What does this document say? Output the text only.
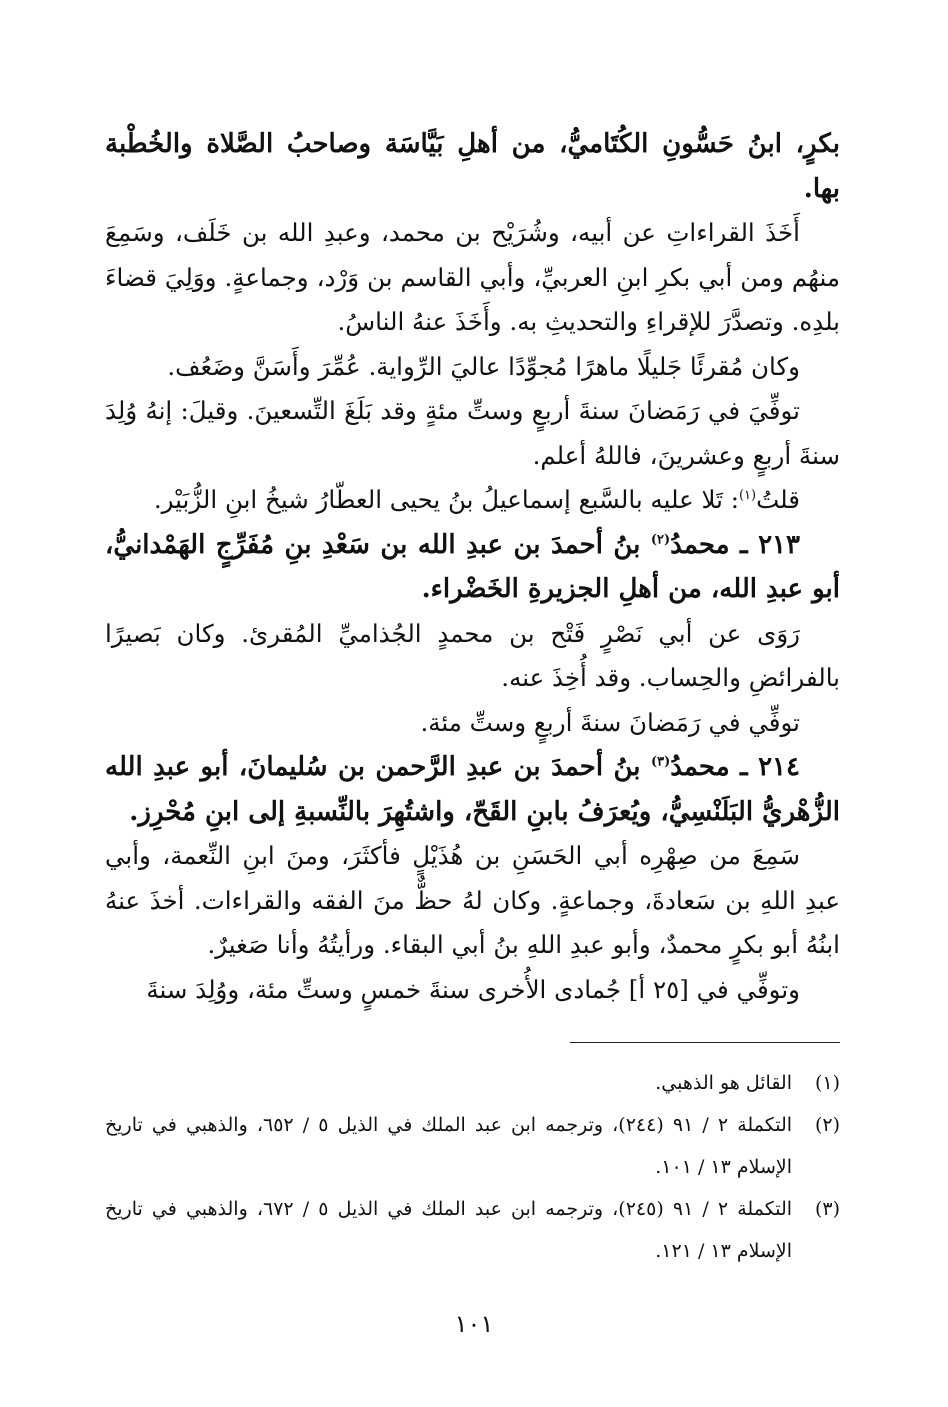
بكرٍ، ابنُ حَسُّونِ الكُتَاميُّ، من أهلِ بَيَّاسَة وصاحبُ الصَّلاة والخُطْبة بها.

أَخَذَ القراءاتِ عن أبيه، وشُرَيْح بن محمد، وعبدِ الله بن خَلَف، وسَمِعَ منهُم ومن أبي بكرِ ابنِ العربيِّ، وأبي القاسم بن وَرْد، وجماعةٍ. ووَلِيَ قضاءَ بلدِه. وتصدَّرَ للإقراءِ والتحديثِ به. وأَخَذَ عنهُ الناسُ.

وكان مُقرئًا جَليلًا ماهرًا مُجوِّدًا عاليَ الرِّواية. عُمِّرَ وأَسَنَّ وضَعُف.

توفِّيَ في رَمَضانَ سنةَ أربعٍ وستِّ مئةٍ وقد بَلَغَ التِّسعينَ. وقيلَ: إنهُ وُلِدَ سنةَ أربعٍ وعشرينَ، فاللهُ أعلم.

قلتُ$^{(١)}$: تَلا عليه بالسَّبع إسماعيلُ بنُ يحيى العطّارُ شيخُ ابنِ الزُّبَيْر.

٢١٣ ـ محمدُ$^{(٢)}$ بنُ أحمدَ بن عبدِ الله بن سَعْدِ بنِ مُفَرِّجٍ الهَمْدانيُّ، أبو عبدِ الله، من أهلِ الجزيرةِ الخَضْراء.

رَوَى عن أبي نَصْرٍ فَتْح بن محمدٍ الجُذاميِّ المُقرئ. وكان بَصيرًا بالفرائضِ والحِساب. وقد أُخِذَ عنه.

توفِّي في رَمَضانَ سنةَ أربعٍ وستِّ مئة.

٢١٤ ـ محمدُ$^{(٣)}$ بنُ أحمدَ بن عبدِ الرَّحمن بن سُليمانَ، أبو عبدِ الله الزُّهْريُّ البَلَنْسِيُّ، ويُعرَفُ بابنِ القَحّ، واشتُهِرَ بالنِّسبةِ إلى ابنِ مُحْرِز.

سَمِعَ من صِهْرِه أبي الحَسَنِ بن هُذَيْلٍ فأكثَرَ، ومنَ ابنِ النِّعمة، وأبي عبدِ اللهِ بن سَعادةَ، وجماعةٍ. وكان لهُ حظٌّ منَ الفقه والقراءات. أخذَ عنهُ ابنُهُ أبو بكرٍ محمدٌ، وأبو عبدِ اللهِ بنُ أبي البقاء. ورأيتُهُ وأنا صَغيرٌ.

وتوفِّي في [٢٥ أ] جُمادى الأُخرى سنةَ خمسٍ وستِّ مئة، ووُلِدَ سنةَ

(١)
القائل هو الذهبي.
(٢)
التكملة ٢ / ٩١ (٢٤٤)، وترجمه ابن عبد الملك في الذيل ٥ / ٦٥٢، والذهبي في تاريخ الإسلام ١٣ / ١٠١.
(٣)
التكملة ٢ / ٩١ (٢٤٥)، وترجمه ابن عبد الملك في الذيل ٥ / ٦٧٢، والذهبي في تاريخ الإسلام ١٣ / ١٢١.
١٠١
